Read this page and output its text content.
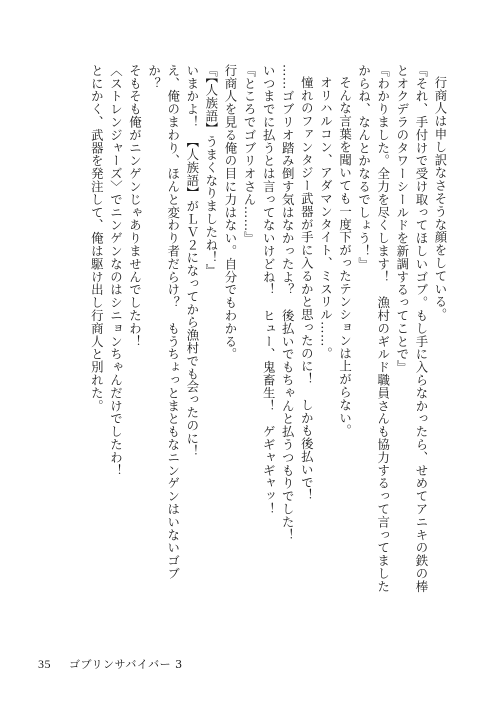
行商人は申し訳なさそうな顔をしている。

『それ、手付けで受け取ってほしいゴブ。もし手に入らなかったら、せめてアニキの鉄の棒とオクデラのタワーシールドを新調するってことで』

『わかりました。全力を尽くします！　漁村のギルド職員さんも協力するって言ってましたからね、なんとかなるでしょう！』

そんな言葉を聞いても一度下がったテンションは上がらない。

オリハルコン、アダマンタイト、ミスリル……。

憧れのファンタジー武器が手に入るかと思ったのに！　しかも後払いで！

……ゴブリオ踏み倒す気はなかったよ？　後払いでもちゃんと払うつもりでした！

いつまでに払うとは言ってないけどね！　ヒュー、鬼畜生！　ゲギャギャッ！

『ところでゴブリオさん……』

行商人を見る俺の目に力はない。自分でもわかる。

『【人族語】うまくなりましたね！』

いまかよ！　【人族語】がＬＶ２になってから漁村でも会ったのに！

え、俺のまわり、ほんと変わり者だらけ？　もうちょっとまともなニンゲンはいないゴブか？

そもそも俺がニンゲンじゃありませんでしたわ！

〈ストレンジャーズ〉でニンゲンなのはシニョンちゃんだけでしたわ！

とにかく、武器を発注して、俺は駆け出し行商人と別れた。

35 ゴブリンサバイバー 3
